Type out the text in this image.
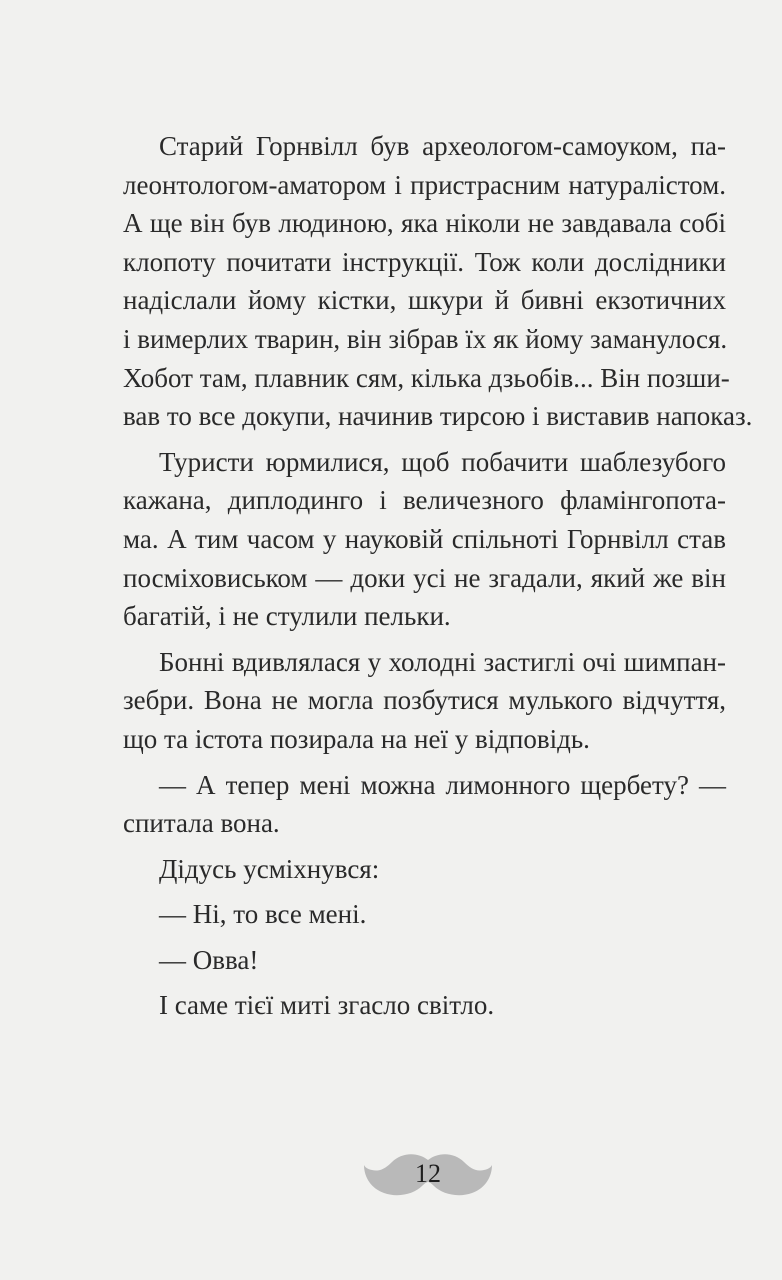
Старий Горнвілл був археологом-самоуком, па-
леонтологом-аматором і пристрасним натуралістом.
А ще він був людиною, яка ніколи не завдавала собі
клопоту почитати інструкції. Тож коли дослідники
надіслали йому кістки, шкури й бивні екзотичних
і вимерлих тварин, він зібрав їх як йому заманулося.
Хобот там, плавник сям, кілька дзьобів... Він позши-
вав то все докупи, начинив тирсою і виставив напоказ.
Туристи юрмилися, щоб побачити шаблезубого
кажана, диплодинго і величезного фламінгопота-
ма. А тим часом у науковій спільноті Горнвілл став
посміховиськом — доки усі не згадали, який же він
багатій, і не стулили пельки.
Бонні вдивлялася у холодні застиглі очі шимпан-
зебри. Вона не могла позбутися мулького відчуття,
що та істота позирала на неї у відповідь.
— А тепер мені можна лимонного щербету? —
спитала вона.
Дідусь усміхнувся:
— Ні, то все мені.
— Овва!
І саме тієї миті згасло світло.
12
